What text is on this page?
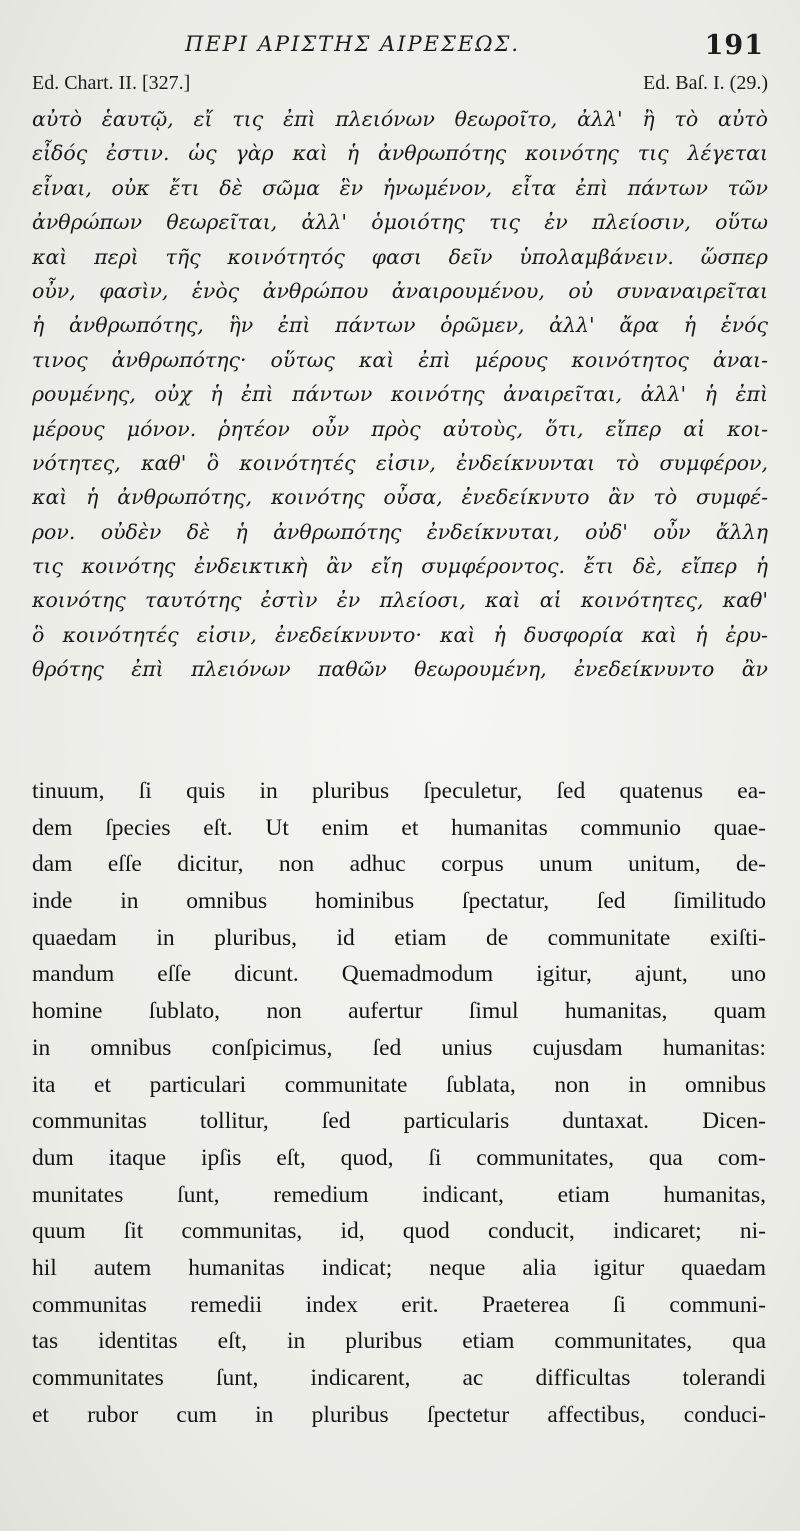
ΠΕΡΙ ΑΡΙΣΤΗΣ ΑΙΡΕΣΕΩΣ.	191
Ed. Chart. II. [327.]	Ed. Baſ. I. (29.)
αὐτὸ ἑαυτῷ, εἴ τις ἐπὶ πλειόνων θεωροῖτο, ἀλλ' ἢ τὸ αὐτὸ
εἶδός ἐστιν. ὡς γὰρ καὶ ἡ ἀνθρωπότης κοινότης τις λέγεται
εἶναι, οὐκ ἔτι δὲ σῶμα ἓν ἡνωμένον, εἶτα ἐπὶ πάντων τῶν
ἀνθρώπων θεωρεῖται, ἀλλ' ὁμοιότης τις ἐν πλείοσιν, οὕτω
καὶ περὶ τῆς κοινότητός φασι δεῖν ὑπολαμβάνειν. ὥσπερ
οὖν, φασὶν, ἑνὸς ἀνθρώπου ἀναιρουμένου, οὐ συναναιρεῖται
ἡ ἀνθρωπότης, ἣν ἐπὶ πάντων ὁρῶμεν, ἀλλ' ἄρα ἡ ἑνός
τινος ἀνθρωπότης· οὕτως καὶ ἐπὶ μέρους κοινότητος ἀναι-
ρουμένης, οὐχ ἡ ἐπὶ πάντων κοινότης ἀναιρεῖται, ἀλλ' ἡ ἐπὶ
μέρους μόνον. ῥητέον οὖν πρὸς αὐτοὺς, ὅτι, εἴπερ αἱ κοι-
νότητες, καθ' ὃ κοινότητές εἰσιν, ἐνδείκνυνται τὸ συμφέρον,
καὶ ἡ ἀνθρωπότης, κοινότης οὖσα, ἐνεδείκνυτο ἂν τὸ συμφέ-
ρον. οὐδὲν δὲ ἡ ἀνθρωπότης ἐνδείκνυται, οὐδ' οὖν ἄλλη
τις κοινότης ἐνδεικτικὴ ἂν εἴη συμφέροντος. ἔτι δὲ, εἴπερ ἡ
κοινότης ταυτότης ἐστὶν ἐν πλείοσι, καὶ αἱ κοινότητες, καθ'
ὃ κοινότητές εἰσιν, ἐνεδείκνυντο· καὶ ἡ δυσφορία καὶ ἡ ἐρυ-
θρότης ἐπὶ πλειόνων παθῶν θεωρουμένη, ἐνεδείκνυντο ἂν
tinuum, ſi quis in pluribus ſpeculetur, ſed quatenus ea-
dem ſpecies eſt. Ut enim et humanitas communio quae-
dam eſſe dicitur, non adhuc corpus unum unitum, de-
inde in omnibus hominibus ſpectatur, ſed ſimilitudo
quaedam in pluribus, id etiam de communitate exiſti-
mandum eſſe dicunt. Quemadmodum igitur, ajunt, uno
homine ſublato, non aufertur ſimul humanitas, quam
in omnibus conſpicimus, ſed unius cujusdam humanitas:
ita et particulari communitate ſublata, non in omnibus
communitas tollitur, ſed particularis duntaxat. Dicen-
dum itaque ipſis eſt, quod, ſi communitates, qua com-
munitates ſunt, remedium indicant, etiam humanitas,
quum ſit communitas, id, quod conducit, indicaret; ni-
hil autem humanitas indicat; neque alia igitur quaedam
communitas remedii index erit. Praeterea ſi communi-
tas identitas eſt, in pluribus etiam communitates, qua
communitates ſunt, indicarent, ac difficultas tolerandi
et rubor cum in pluribus ſpectetur affectibus, conduci-
